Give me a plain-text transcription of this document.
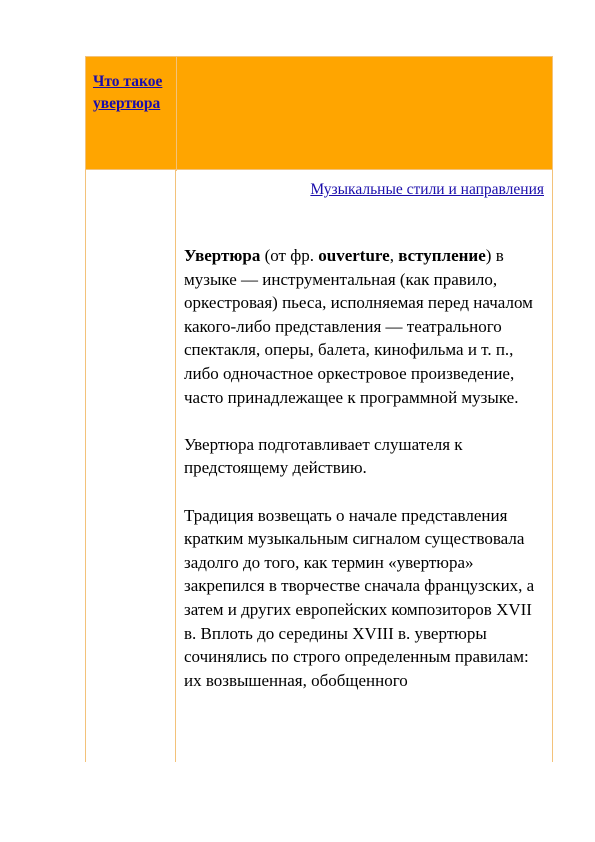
Что такое увертюра
Музыкальные стили и направления

Увертюра (от фр. ouverture, вступление) в музыке — инструментальная (как правило, оркестровая) пьеса, исполняемая перед началом какого-либо представления — театрального спектакля, оперы, балета, кинофильма и т. п., либо одночастное оркестровое произведение, часто принадлежащее к программной музыке.

Увертюра подготавливает слушателя к предстоящему действию.

Традиция возвещать о начале представления кратким музыкальным сигналом существовала задолго до того, как термин «увертюра» закрепился в творчестве сначала французских, а затем и других европейских композиторов XVII в. Вплоть до середины XVIII в. увертюры сочинялись по строго определенным правилам: их возвышенная, обобщенного
